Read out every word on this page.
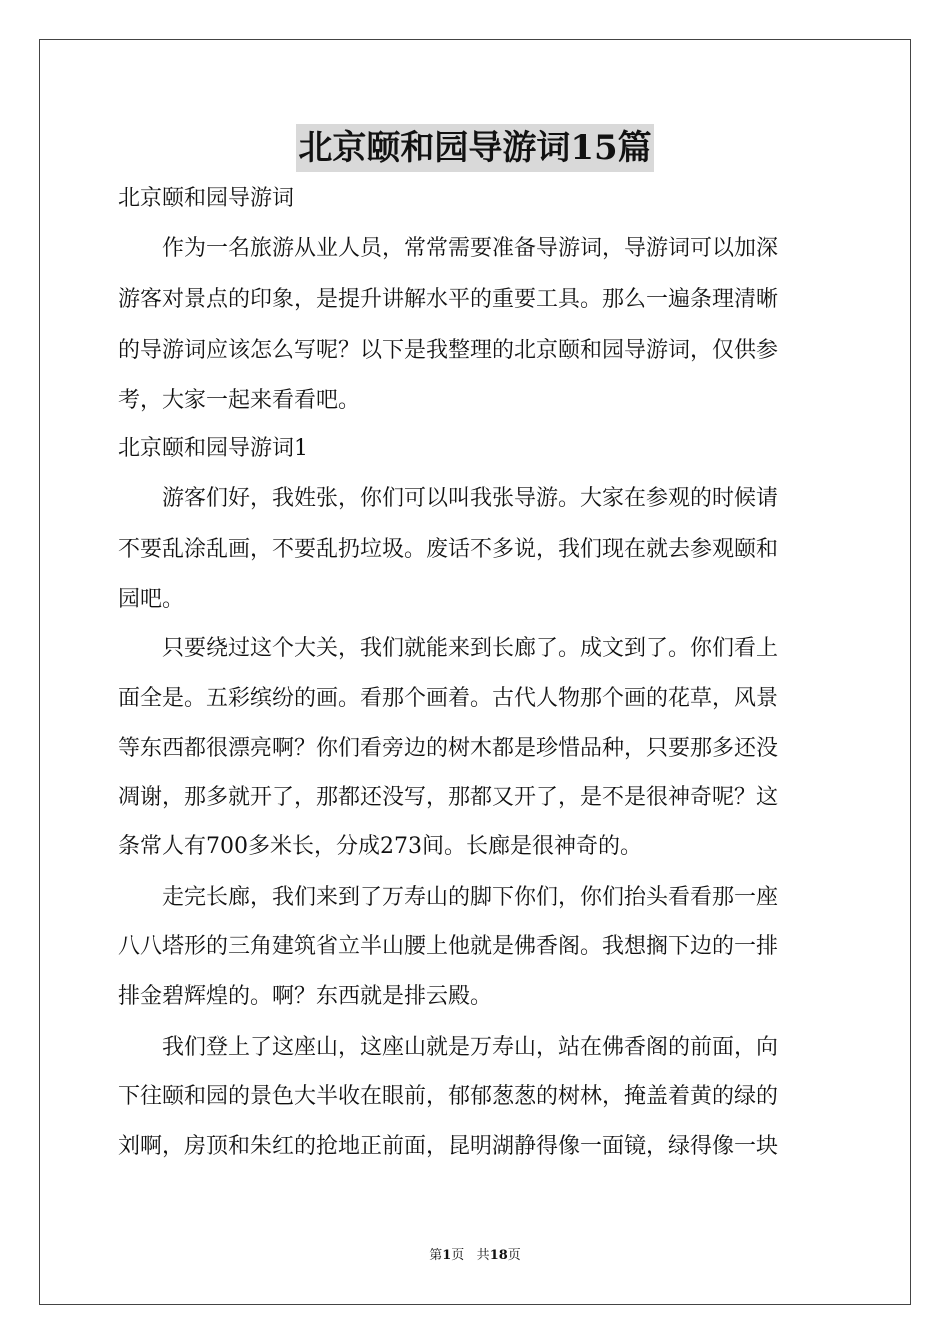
北京颐和园导游词15篇
北京颐和园导游词
　　作为一名旅游从业人员，常常需要准备导游词，导游词可以加深
游客对景点的印象，是提升讲解水平的重要工具。那么一遍条理清晰
的导游词应该怎么写呢？以下是我整理的北京颐和园导游词，仅供参
考，大家一起来看看吧。
北京颐和园导游词1
　　游客们好，我姓张，你们可以叫我张导游。大家在参观的时候请
不要乱涂乱画，不要乱扔垃圾。废话不多说，我们现在就去参观颐和
园吧。
　　只要绕过这个大关，我们就能来到长廊了。成文到了。你们看上
面全是。五彩缤纷的画。看那个画着。古代人物那个画的花草，风景
等东西都很漂亮啊？你们看旁边的树木都是珍惜品种，只要那多还没
凋谢，那多就开了，那都还没写，那都又开了，是不是很神奇呢？这
条常人有700多米长，分成273间。长廊是很神奇的。
　　走完长廊，我们来到了万寿山的脚下你们，你们抬头看看那一座
八八塔形的三角建筑省立半山腰上他就是佛香阁。我想搁下边的一排
排金碧辉煌的。啊？东西就是排云殿。
　　我们登上了这座山，这座山就是万寿山，站在佛香阁的前面，向
下往颐和园的景色大半收在眼前，郁郁葱葱的树林，掩盖着黄的绿的
刘啊，房顶和朱红的抢地正前面，昆明湖静得像一面镜，绿得像一块
第1页 共18页
